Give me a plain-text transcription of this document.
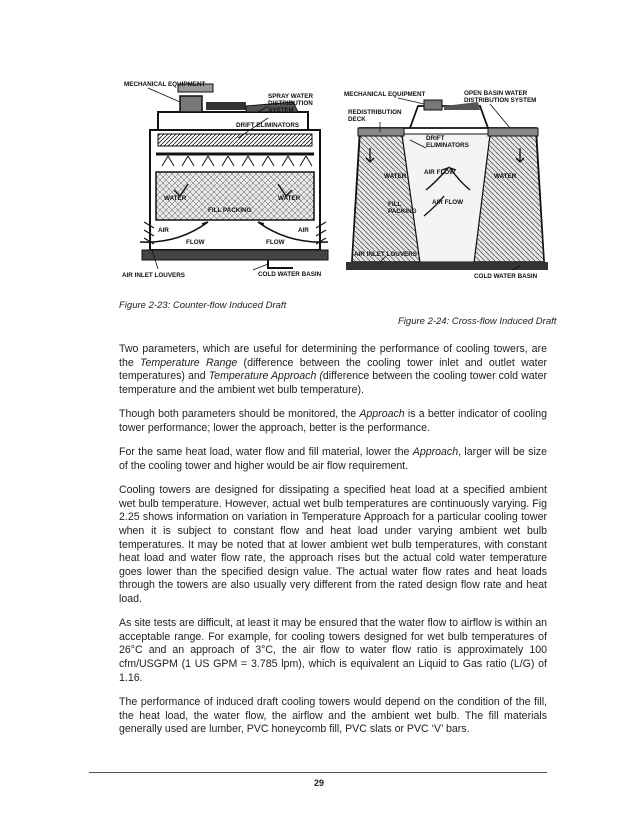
MECHANICAL EQUIPMENT
SPRAY WATER
DISTRIBUTION
SYSTEM
DRIFT ELIMINATORS
WATER	WATER
FILL PACKING
AIR	AIR
FLOW	FLOW
AIR INLET LOUVERS	COLD WATER BASIN
MECHANICAL EQUIPMENT	OPEN BASIN WATER
DISTRIBUTION SYSTEM
REDISTRIBUTION
DECK
DRIFT
ELIMINATORS
WATER	WATER
AIR FLOW
AIR FLOW
FILL
PACKING
AIR INLET LOUVERS
COLD WATER BASIN
Figure 2-23: Counter-flow Induced Draft
Figure 2-24: Cross-flow Induced Draft

Two parameters, which are useful for determining the performance of cooling towers, are the Temperature Range (difference between the cooling tower inlet and outlet water temperatures) and Temperature Approach (difference between the cooling tower cold water temperature and the ambient wet bulb temperature).

Though both parameters should be monitored, the Approach is a better indicator of cooling tower performance; lower the approach, better is the performance.

For the same heat load, water flow and fill material, lower the Approach, larger will be size of the cooling tower and higher would be air flow requirement.

Cooling towers are designed for dissipating a specified heat load at a specified ambient wet bulb temperature. However, actual wet bulb temperatures are continuously varying. Fig 2.25 shows information on variation in Temperature Approach for a particular cooling tower when it is subject to constant flow and heat load under varying ambient wet bulb temperatures. It may be noted that at lower ambient wet bulb temperatures, with constant heat load and water flow rate, the approach rises but the actual cold water temperature goes lower than the specified design value. The actual water flow rates and heat loads through the towers are also usually very different from the rated design flow rate and heat load.

As site tests are difficult, at least it may be ensured that the water flow to airflow is within an acceptable range. For example, for cooling towers designed for wet bulb temperatures of 26°C and an approach of 3°C, the air flow to water flow ratio is approximately 100 cfm/USGPM (1 US GPM = 3.785 lpm), which is equivalent an Liquid to Gas ratio (L/G) of 1.16.

The performance of induced draft cooling towers would depend on the condition of the fill, the heat load, the water flow, the airflow and the ambient wet bulb. The fill materials generally used are lumber, PVC honeycomb fill, PVC slats or PVC ‘V’ bars.

29
